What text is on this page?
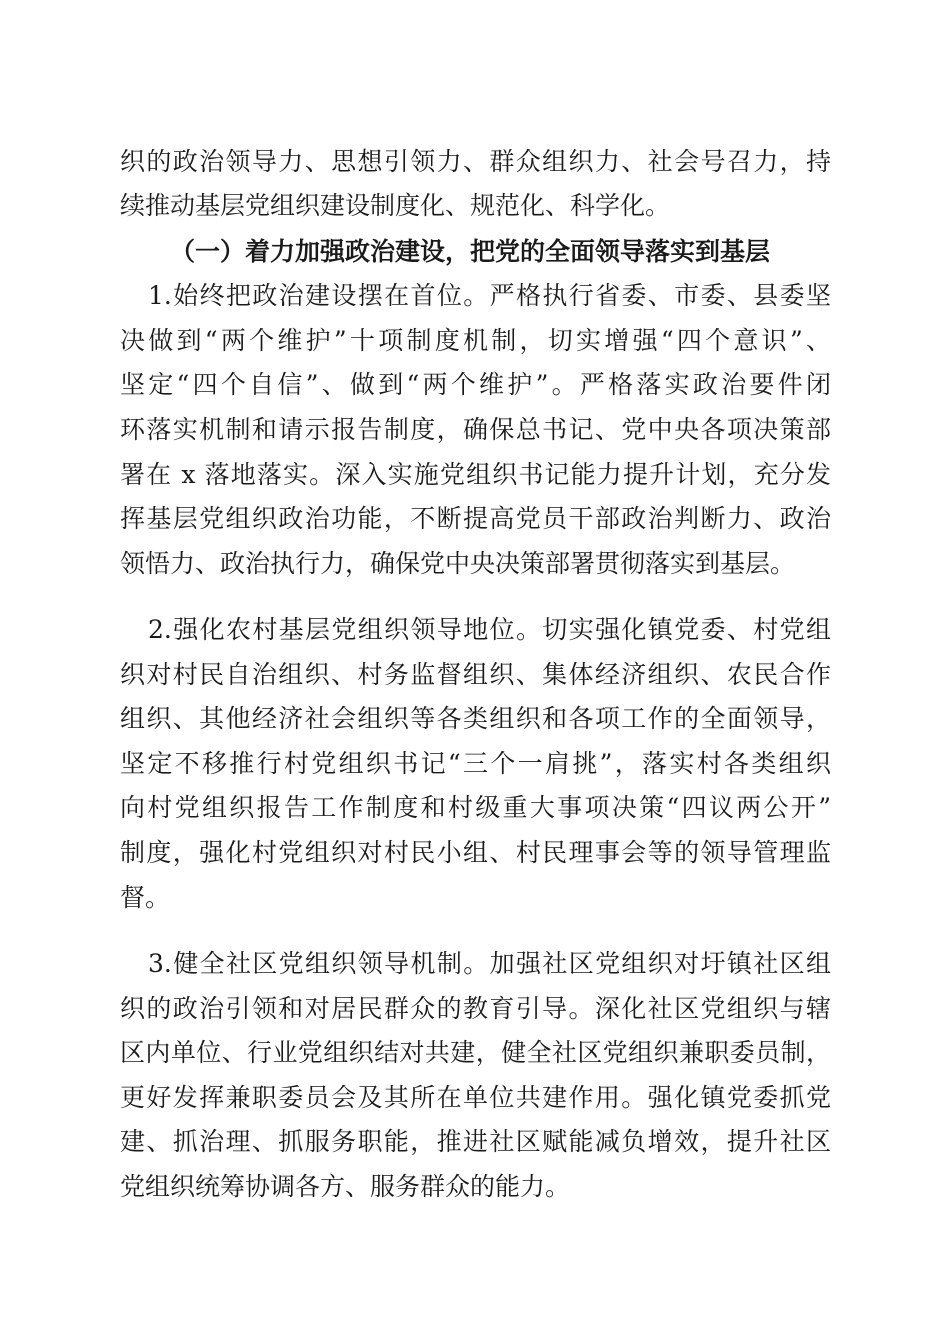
织的政治领导力、思想引领力、群众组织力、社会号召力，持
续推动基层党组织建设制度化、规范化、科学化。
（一）着力加强政治建设，把党的全面领导落实到基层
1.始终把政治建设摆在首位。严格执行省委、市委、县委坚
决做到“两个维护”十项制度机制，切实增强“四个意识”、
坚定“四个自信”、做到“两个维护”。严格落实政治要件闭
环落实机制和请示报告制度，确保总书记、党中央各项决策部
署在 x 落地落实。深入实施党组织书记能力提升计划，充分发
挥基层党组织政治功能，不断提高党员干部政治判断力、政治
领悟力、政治执行力，确保党中央决策部署贯彻落实到基层。
2.强化农村基层党组织领导地位。切实强化镇党委、村党组
织对村民自治组织、村务监督组织、集体经济组织、农民合作
组织、其他经济社会组织等各类组织和各项工作的全面领导，
坚定不移推行村党组织书记“三个一肩挑”，落实村各类组织
向村党组织报告工作制度和村级重大事项决策“四议两公开”
制度，强化村党组织对村民小组、村民理事会等的领导管理监
督。
3.健全社区党组织领导机制。加强社区党组织对圩镇社区组
织的政治引领和对居民群众的教育引导。深化社区党组织与辖
区内单位、行业党组织结对共建，健全社区党组织兼职委员制，
更好发挥兼职委员会及其所在单位共建作用。强化镇党委抓党
建、抓治理、抓服务职能，推进社区赋能减负增效，提升社区
党组织统筹协调各方、服务群众的能力。
